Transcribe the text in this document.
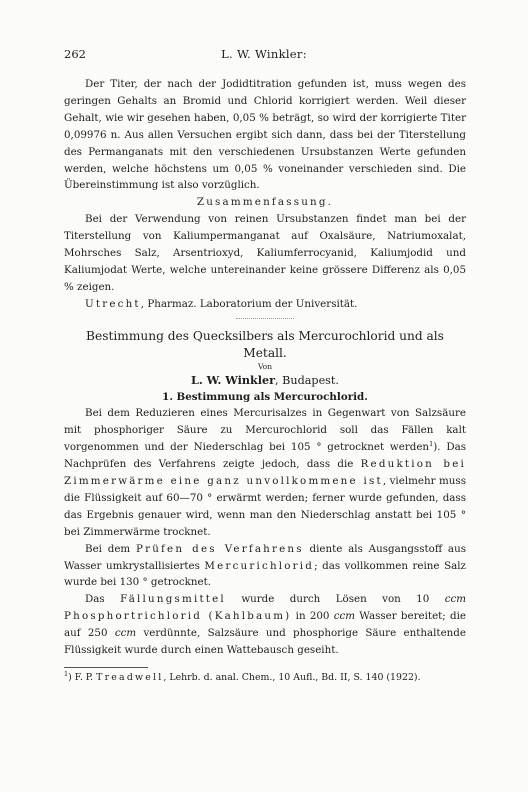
262	L. W. Winkler:

Der Titer, der nach der Jodidtitration gefunden ist, muss wegen des geringen Gehalts an Bromid und Chlorid korrigiert werden. Weil dieser Gehalt, wie wir gesehen haben, 0,05 % beträgt, so wird der korrigierte Titer 0,09976 n. Aus allen Versuchen ergibt sich dann, dass bei der Titerstellung des Permanganats mit den verschiedenen Ursubstanzen Werte gefunden werden, welche höchstens um 0,05 % voneinander verschieden sind. Die Übereinstimmung ist also vorzüglich.

Zusammenfassung.

Bei der Verwendung von reinen Ursubstanzen findet man bei der Titerstellung von Kaliumpermanganat auf Oxalsäure, Natriumoxalat, Mohrsches Salz, Arsentrioxyd, Kaliumferrocyanid, Kaliumjodid und Kaliumjodat Werte, welche untereinander keine grössere Differenz als 0,05 % zeigen.

Utrecht, Pharmaz. Laboratorium der Universität.

Bestimmung des Quecksilbers als Mercurochlorid und als Metall.

Von

L. W. Winkler, Budapest.

1. Bestimmung als Mercurochlorid.

Bei dem Reduzieren eines Mercurisalzes in Gegenwart von Salzsäure mit phosphoriger Säure zu Mercurochlorid soll das Fällen kalt vorgenommen und der Niederschlag bei 105 ° getrocknet werden$^1$). Das Nachprüfen des Verfahrens zeigte jedoch, dass die Reduktion bei Zimmerwärme eine ganz unvollkommene ist, vielmehr muss die Flüssigkeit auf 60—70 ° erwärmt werden; ferner wurde gefunden, dass das Ergebnis genauer wird, wenn man den Niederschlag anstatt bei 105 ° bei Zimmerwärme trocknet.

Bei dem Prüfen des Verfahrens diente als Ausgangsstoff aus Wasser umkrystallisiertes Mercurichlorid; das vollkommen reine Salz wurde bei 130 ° getrocknet.

Das Fällungsmittel wurde durch Lösen von 10 ccm Phosphortrichlorid (Kahlbaum) in 200 ccm Wasser bereitet; die auf 250 ccm verdünnte, Salzsäure und phosphorige Säure enthaltende Flüssigkeit wurde durch einen Wattebausch geseiht.

$^1$) F. P. Treadwell, Lehrb. d. anal. Chem., 10 Aufl., Bd. II, S. 140 (1922).
